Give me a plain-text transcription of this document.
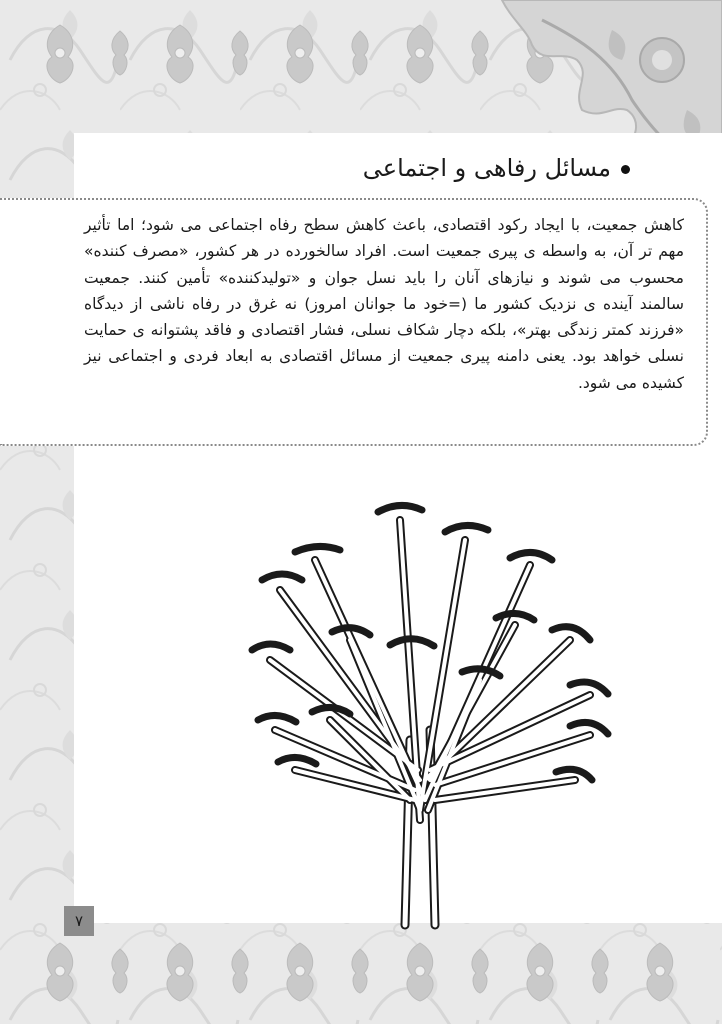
مسائل رفاهی و اجتماعی

کاهش جمعیت، با ایجاد رکود اقتصادی، باعث کاهش سطح رفاه اجتماعی می شود؛ اما تأثیر مهم تر آن، به واسطه ی پیری جمعیت است. افراد سالخورده در هر کشور، «مصرف کننده» محسوب می شوند و نیازهای آنان را باید نسل جوان و «تولیدکننده» تأمین کنند. جمعیت سالمند آینده ی نزدیک کشور ما (=خود ما جوانان امروز) نه غرق در رفاه ناشی از دیدگاه «فرزند کمتر زندگی بهتر»، بلکه دچار شکاف نسلی، فشار اقتصادی و فاقد پشتوانه ی حمایت نسلی خواهد بود. یعنی دامنه پیری جمعیت از مسائل اقتصادی به ابعاد فردی و اجتماعی نیز کشیده می شود.

۷
